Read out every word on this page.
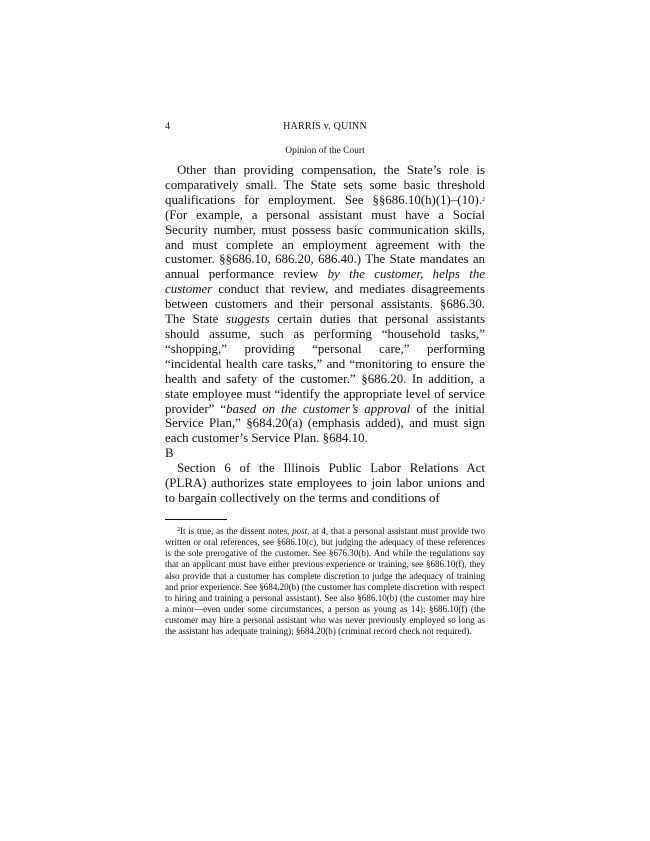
4	HARRIS v. QUINN
Opinion of the Court

Other than providing compensation, the State’s role is comparatively small. The State sets some basic threshold qualifications for employment. See §§686.10(h)(1)–(10).$^2$ (For example, a personal assistant must have a Social Security number, must possess basic communication skills, and must complete an employment agreement with the customer. §§686.10, 686.20, 686.40.) The State mandates an annual performance review by the customer, helps the customer conduct that review, and mediates disagreements between customers and their personal assistants. §686.30. The State suggests certain duties that personal assistants should assume, such as performing “household tasks,” “shopping,” providing “personal care,” performing “incidental health care tasks,” and “monitoring to ensure the health and safety of the customer.” §686.20. In addition, a state employee must “identify the appropriate level of service provider” “based on the customer’s approval of the initial Service Plan,” §684.20(a) (emphasis added), and must sign each customer’s Service Plan. §684.10.

B

Section 6 of the Illinois Public Labor Relations Act (PLRA) authorizes state employees to join labor unions and to bargain collectively on the terms and conditions of

$^2$It is true, as the dissent notes, post, at 4, that a personal assistant must provide two written or oral references, see §686.10(c), but judging the adequacy of these references is the sole prerogative of the customer. See §676.30(b). And while the regulations say that an applicant must have either previous experience or training, see §686.10(f), they also provide that a customer has complete discretion to judge the adequacy of training and prior experience. See §684.20(b) (the customer has complete discretion with respect to hiring and training a personal assistant). See also §686.10(b) (the customer may hire a minor—even under some circumstances, a person as young as 14); §686.10(f) (the customer may hire a personal assistant who was never previously employed so long as the assistant has adequate training); §684.20(b) (criminal record check not required).
